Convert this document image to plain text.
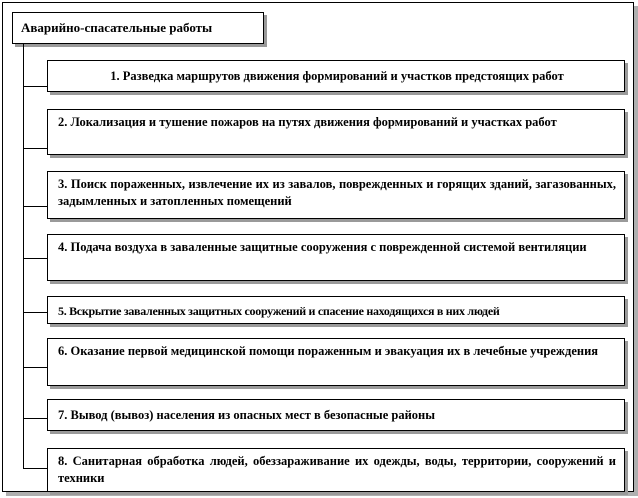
Аварийно-спасательные работы
1. Разведка маршрутов движения формирований и участков предстоящих работ
2. Локализация и тушение пожаров на путях движения формирований и участках работ
3. Поиск пораженных, извлечение их из завалов, поврежденных и горящих зданий, загазованных, задымленных и затопленных помещений
4. Подача воздуха в заваленные защитные сооружения с поврежденной системой вентиляции
5. Вскрытие заваленных защитных сооружений и спасение находящихся в них людей
6. Оказание первой медицинской помощи пораженным и эвакуация их в лечебные учреждения
7. Вывод (вывоз) населения из опасных мест в безопасные районы
8. Санитарная обработка людей, обеззараживание их одежды, воды, территории, сооружений и техники
